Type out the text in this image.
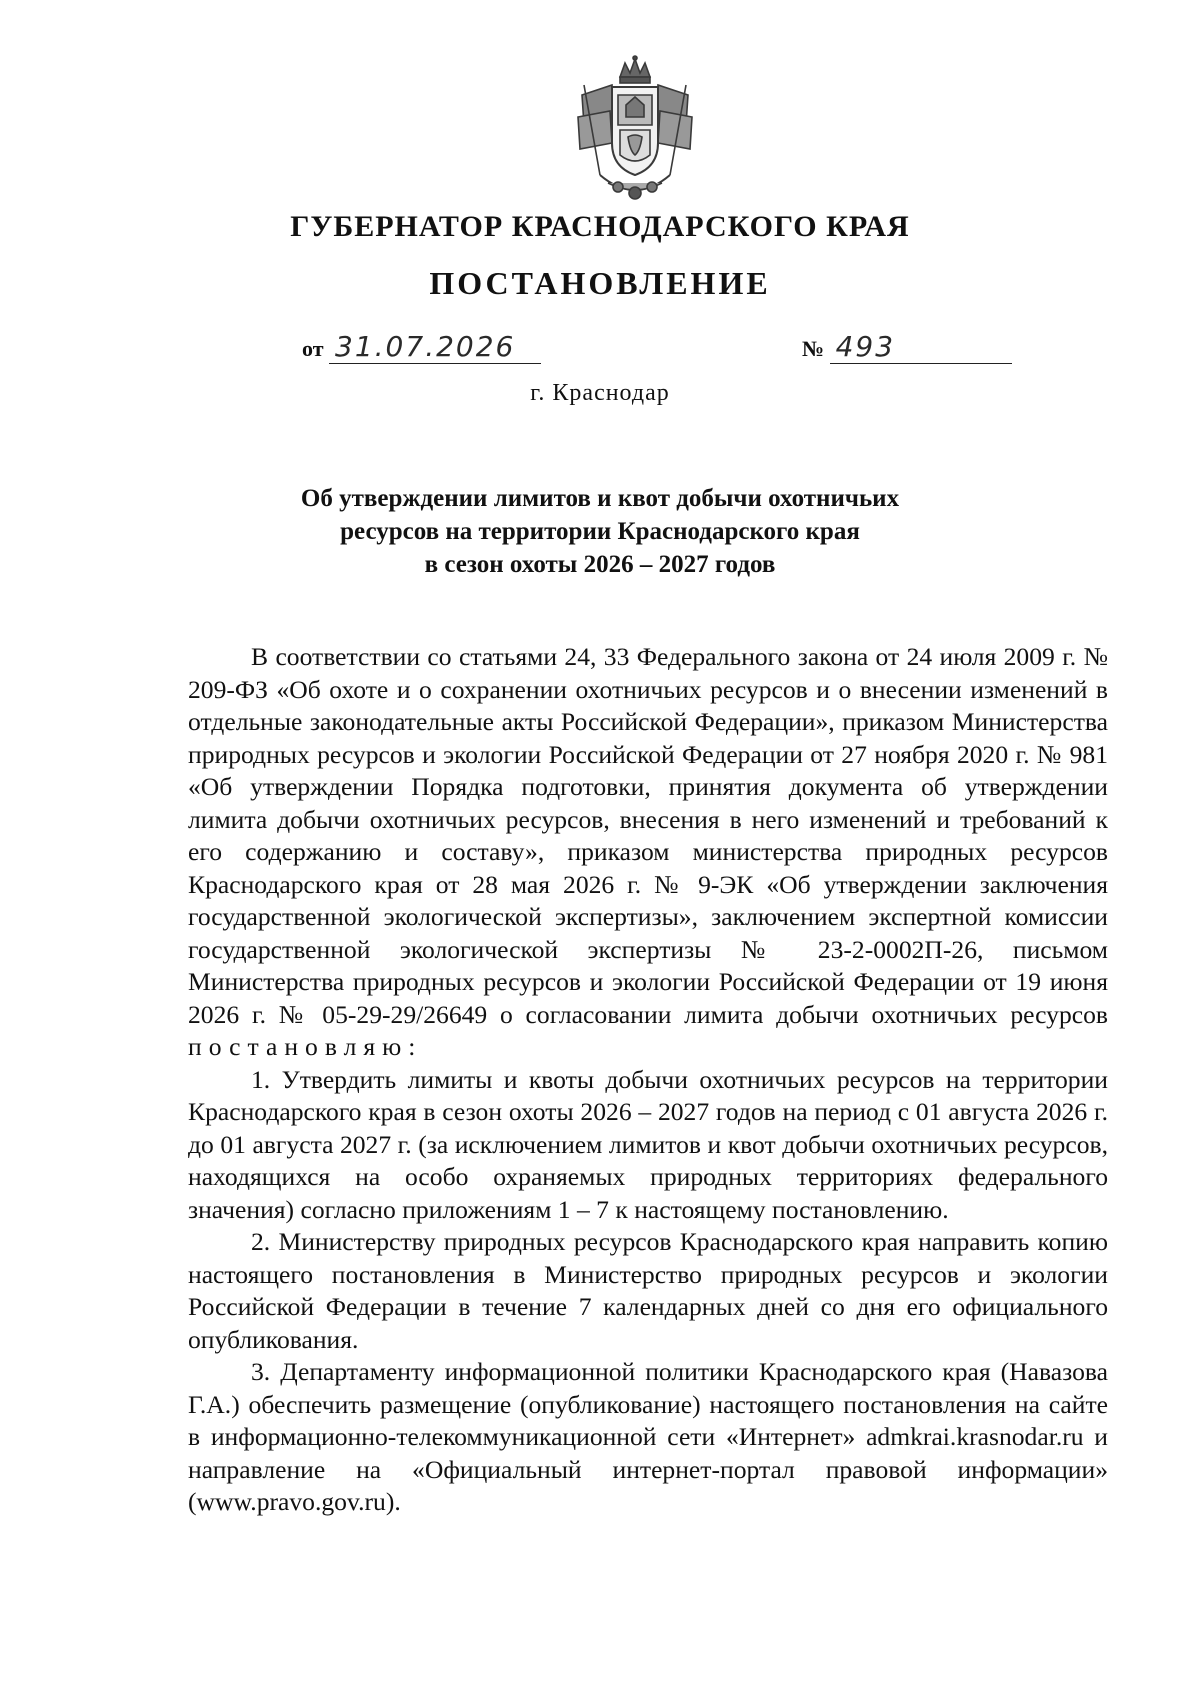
ГУБЕРНАТОР КРАСНОДАРСКОГО КРАЯ
ПОСТАНОВЛЕНИЕ
от 31.07.2026	№ 493
г. Краснодар
Об утверждении лимитов и квот добычи охотничьих
ресурсов на территории Краснодарского края
в сезон охоты 2026 – 2027 годов

В соответствии со статьями 24, 33 Федерального закона от 24 июля 2009 г. № 209-ФЗ «Об охоте и о сохранении охотничьих ресурсов и о внесении изменений в отдельные законодательные акты Российской Федерации», приказом Министерства природных ресурсов и экологии Российской Федерации от 27 ноября 2020 г. № 981 «Об утверждении Порядка подготовки, принятия документа об утверждении лимита добычи охотничьих ресурсов, внесения в него изменений и требований к его содержанию и составу», приказом министерства природных ресурсов Краснодарского края от 28 мая 2026 г. № 9-ЭК «Об утверждении заключения государственной экологической экспертизы», заключением экспертной комиссии государственной экологической экспертизы № 23-2-0002П-26, письмом Министерства природных ресурсов и экологии Российской Федерации от 19 июня 2026 г. № 05-29-29/26649 о согласовании лимита добычи охотничьих ресурсов постановляю:

1. Утвердить лимиты и квоты добычи охотничьих ресурсов на территории Краснодарского края в сезон охоты 2026 – 2027 годов на период с 01 августа 2026 г. до 01 августа 2027 г. (за исключением лимитов и квот добычи охотничьих ресурсов, находящихся на особо охраняемых природных территориях федерального значения) согласно приложениям 1 – 7 к настоящему постановлению.

2. Министерству природных ресурсов Краснодарского края направить копию настоящего постановления в Министерство природных ресурсов и экологии Российской Федерации в течение 7 календарных дней со дня его официального опубликования.

3. Департаменту информационной политики Краснодарского края (Навазова Г.А.) обеспечить размещение (опубликование) настоящего постановления на сайте в информационно-телекоммуникационной сети «Интернет» admkrai.krasnodar.ru и направление на «Официальный интернет-портал правовой информации» (www.pravo.gov.ru).
